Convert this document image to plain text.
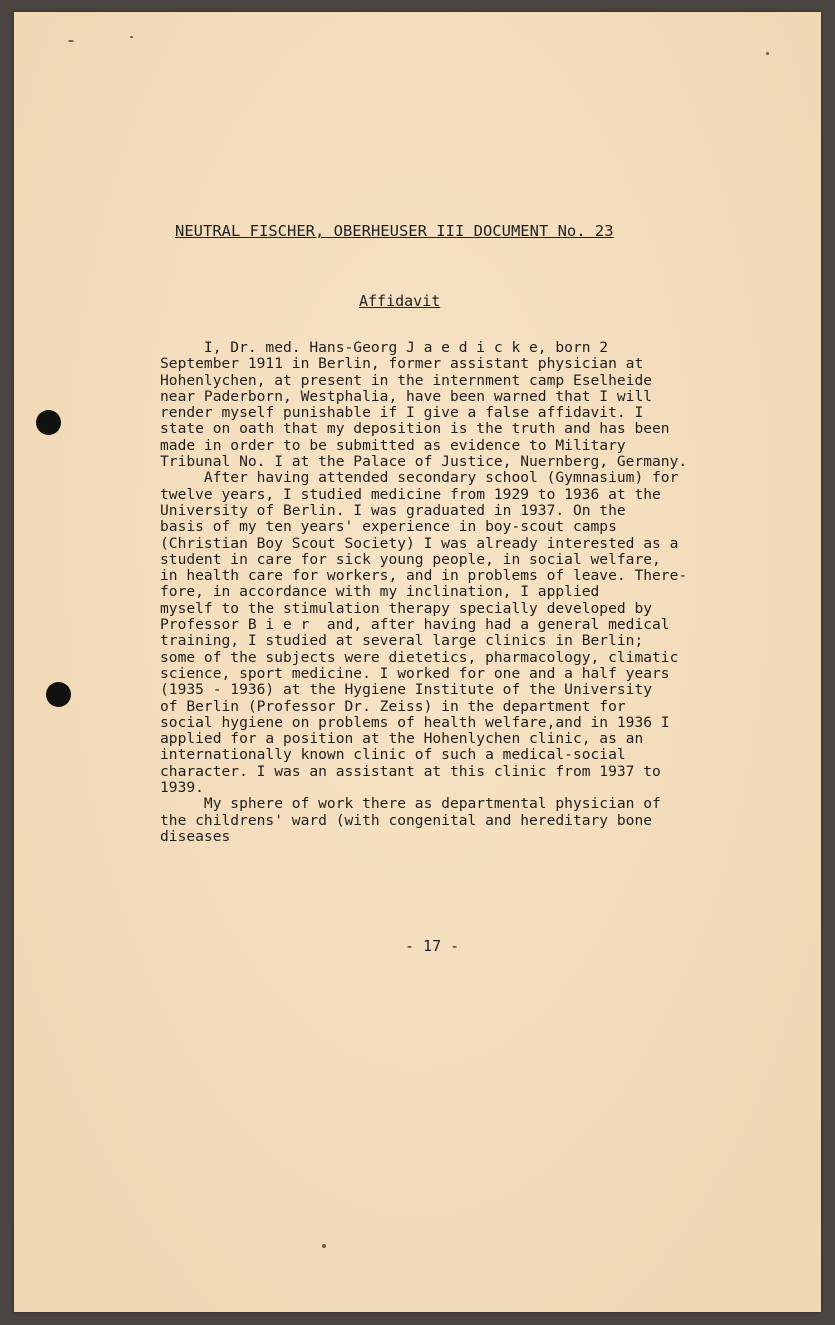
NEUTRAL FISCHER, OBERHEUSER III DOCUMENT No. 23
Affidavit
I, Dr. med. Hans-Georg J a e d i c k e, born 2
September 1911 in Berlin, former assistant physician at
Hohenlychen, at present in the internment camp Eselheide
near Paderborn, Westphalia, have been warned that I will
render myself punishable if I give a false affidavit. I
state on oath that my deposition is the truth and has been
made in order to be submitted as evidence to Military
Tribunal No. I at the Palace of Justice, Nuernberg, Germany.
After having attended secondary school (Gymnasium) for
twelve years, I studied medicine from 1929 to 1936 at the
University of Berlin. I was graduated in 1937. On the
basis of my ten years' experience in boy-scout camps
(Christian Boy Scout Society) I was already interested as a
student in care for sick young people, in social welfare,
in health care for workers, and in problems of leave. There-
fore, in accordance with my inclination, I applied
myself to the stimulation therapy specially developed by
Professor B i e r  and, after having had a general medical
training, I studied at several large clinics in Berlin;
some of the subjects were dietetics, pharmacology, climatic
science, sport medicine. I worked for one and a half years
(1935 - 1936) at the Hygiene Institute of the University
of Berlin (Professor Dr. Zeiss) in the department for
social hygiene on problems of health welfare,and in 1936 I
applied for a position at the Hohenlychen clinic, as an
internationally known clinic of such a medical-social
character. I was an assistant at this clinic from 1937 to
1939.
My sphere of work there as departmental physician of
the childrens' ward (with congenital and hereditary bone
diseases
- 17 -
